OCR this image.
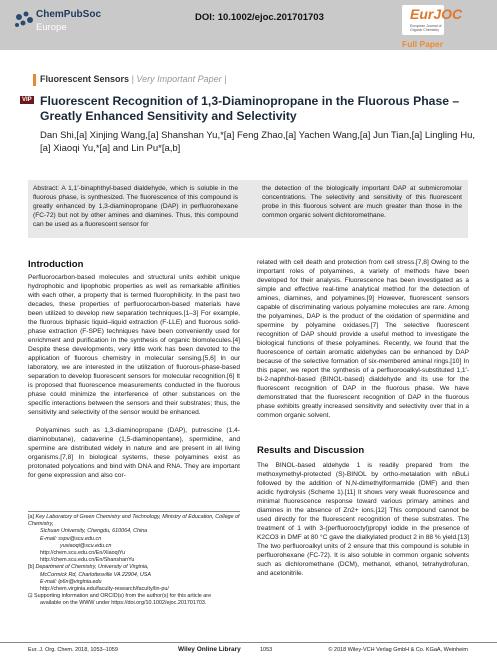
ChemPubSoc
Europe
DOI: 10.1002/ejoc.201701703	EurJOC
European Journal of Organic Chemistry
Full Paper
Fluorescent Sensors | Very Important Paper |
VIP Fluorescent Recognition of 1,3-Diaminopropane in the Fluorous Phase – Greatly Enhanced Sensitivity and Selectivity
Dan Shi,[a] Xinjing Wang,[a] Shanshan Yu,*[a] Feng Zhao,[a] Yachen Wang,[a] Jun Tian,[a] Lingling Hu,[a] Xiaoqi Yu,*[a] and Lin Pu*[a,b]
Abstract: A 1,1′-binaphthyl-based dialdehyde, which is soluble in the fluorous phase, is synthesized. The fluorescence of this compound is greatly enhanced by 1,3-diaminopropane (DAP) in perfluorohexane (FC-72) but not by other amines and diamines. Thus, this compound can be used as a fluorescent sensor for
the detection of the biologically important DAP at submicromolar concentrations. The selectivity and sensitivity of this fluorescent probe in this fluorous solvent are much greater than those in the common organic solvent dichloromethane.
Introduction
Perfluorocarbon-based molecules and structural units exhibit unique hydrophobic and lipophobic properties as well as remarkable affinities with each other, a property that is termed fluorophilicity. In the past two decades, these properties of perfluorocarbon-based materials have been utilized to develop new separation techniques.[1–3] For example, the fluorous biphasic liquid–liquid extraction (F-LLE) and fluorous solid-phase extraction (F-SPE) techniques have been conveniently used for enrichment and purification in the synthesis of organic biomolecules.[4] Despite these developments, very little work has been devoted to the application of fluorous chemistry in molecular sensing.[5,6] In our laboratory, we are interested in the utilization of fluorous-phase-based separation to develop fluorescent sensors for molecular recognition.[6] It is proposed that fluorescence measurements conducted in the fluorous phase could minimize the interference of other substances on the specific interactions between the sensors and their substrates; thus, the sensitivity and selectivity of the sensor would be enhanced.
Polyamines such as 1,3-diaminopropane (DAP), putrescine (1,4-diaminobutane), cadaverine (1,5-diaminopentane), spermidine, and spermine are distributed widely in nature and are present in all living organisms.[7,8] In biological systems, these polyamines exist as protonated polycations and bind with DNA and RNA. They are important for gene expression and also cor-
related with cell death and protection from cell stress.[7,8] Owing to the important roles of polyamines, a variety of methods have been developed for their analysis. Fluorescence has been investigated as a simple and effective real-time analytical method for the detection of amines, diamines, and polyamines.[9] However, fluorescent sensors capable of discriminating various polyamine molecules are rare. Among the polyamines, DAP is the product of the oxidation of spermidine and spermine by polyamine oxidases.[7] The selective fluorescent recognition of DAP should provide a useful method to investigate the biological functions of these polyamines. Recently, we found that the fluorescence of certain aromatic aldehydes can be enhanced by DAP because of the selective formation of six-membered aminal rings.[10] In this paper, we report the synthesis of a perfluorooalkyl-substituted 1,1′-bi-2-naphthol-based (BINOL-based) dialdehyde and its use for the fluorescent recognition of DAP in the fluorous phase. We have demonstrated that the fluorescent recognition of DAP in the fluorous phase exhibits greatly increased sensitivity and selectivity over that in a common organic solvent.
Results and Discussion
The BINOL-based aldehyde 1 is readily prepared from the methoxymethyl-protected (S)-BINOL by ortho-metalation with nBuLi followed by the addition of N,N-dimethylformamide (DMF) and then acidic hydrolysis (Scheme 1).[11] It shows very weak fluorescence and minimal fluorescence response toward various primary amines and diamines in the absence of Zn2+ ions.[12] This compound cannot be used directly for the fluorescent recognition of these substrates. The treatment of 1 with 3-(perfluorooctyl)propyl iodide in the presence of K2CO3 in DMF at 80 °C gave the dialkylated product 2 in 88 % yield.[13] The two perfluoroalkyl units of 2 ensure that this compound is soluble in perfluorohexane (FC-72). It is also soluble in common organic solvents such as dichloromethane (DCM), methanol, ethanol, tetrahydrofuran, and acetonitrile.
[a] Key Laboratory of Green Chemistry and Technology, Ministry of Education, College of Chemistry,
Sichuan University, Chengdu, 610064, China
E-mail: sspu@scu.edu.cn
yuxiaoqi@scu.edu.cn
http://chem.scu.edu.cn/En/XiaoqiYu
http://chem.scu.edu.cn/En/ShanshanYu
[b] Department of Chemistry, University of Virginia,
McCormick Rd, Charlottesville VA 22904, USA
E-mail: lp6n@virginia.edu
http://chem.virginia.edu/faculty-research/faculty/lin-pu/
⊡ Supporting information and ORCID(s) from the author(s) for this article are
available on the WWW under https://doi.org/10.1002/ejoc.201701703.
Eur. J. Org. Chem. 2018, 1053–1059	Wiley Online Library	1053	© 2018 Wiley-VCH Verlag GmbH & Co. KGaA, Weinheim
